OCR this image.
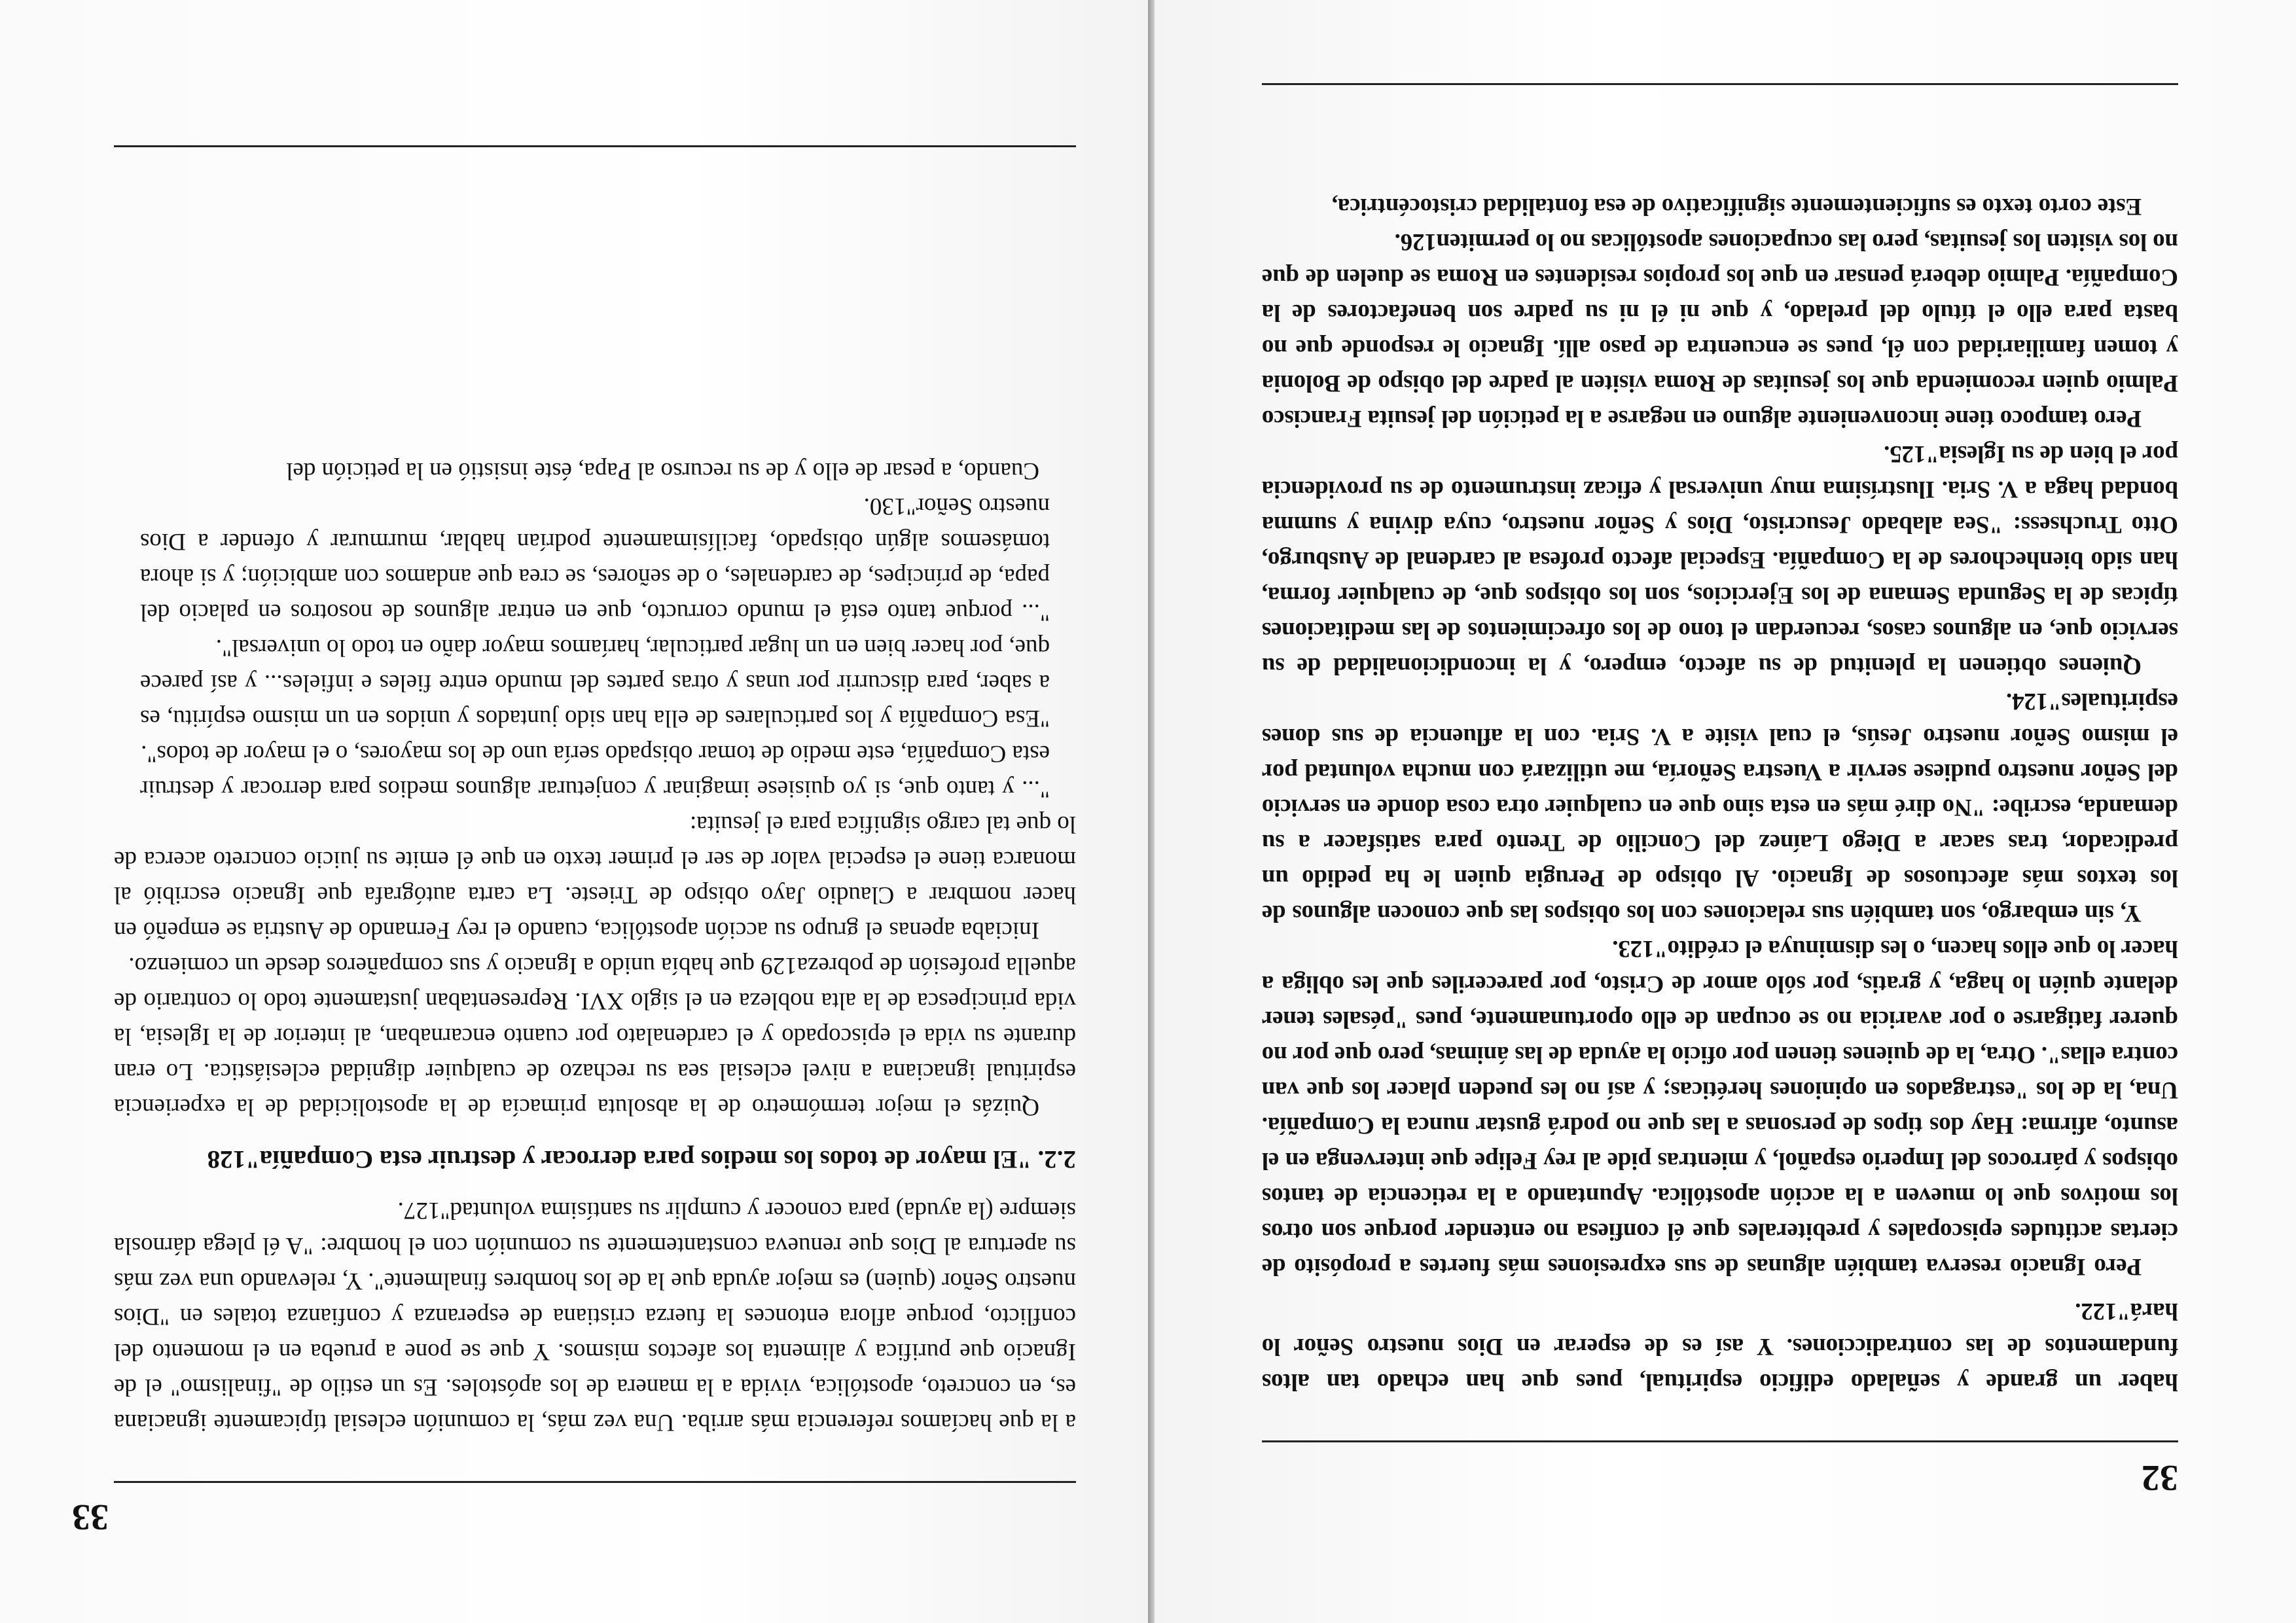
32

haber un grande y señalado edificio espiritual, pues que han echado tan altos fundamentos de las contradicciones. Y así es de esperar en Dios nuestro Señor lo hará"122.

Pero Ignacio reserva también algunas de sus expresiones más fuertes a propósito de ciertas actitudes episcopales y prebiterales que él confiesa no entender porque son otros los motivos que lo mueven a la acción apostólica. Apuntando a la reticencia de tantos obispos y párrocos del Imperio español, y mientras pide al rey Felipe que intervenga en el asunto, afirma: Hay dos tipos de personas a las que no podrá gustar nunca la Compañía. Una, la de los "estragados en opiniones heréticas; y así no les pueden placer los que van contra ellas". Otra, la de quienes tienen por oficio la ayuda de las ánimas, pero que por no querer fatigarse o por avaricia no se ocupan de ello oportunamente, pues "pésales tener delante quién lo haga, y gratis, por sólo amor de Cristo, por pareceriles que les obliga a hacer lo que ellos hacen, o les disminuya el crédito"123.

Y, sin embargo, son también sus relaciones con los obispos las que conocen algunos de los textos más afectuosos de Ignacio. Al obispo de Perugia quien le ha pedido un predicador, tras sacar a Diego Laínez del Concilio de Trento para satisfacer a su demanda, escribe: "No diré más en esta sino que en cualquier otra cosa donde en servicio del Señor nuestro pudiese servir a Vuestra Señoría, me utilizará con mucha voluntad por el mismo Señor nuestro Jesús, el cual visite a V. Sria. con la afluencia de sus dones espirituales"124.

Quienes obtienen la plenitud de su afecto, empero, y la incondicionalidad de su servicio que, en algunos casos, recuerdan el tono de los ofrecimientos de las meditaciones típicas de la Segunda Semana de los Ejercicios, son los obispos que, de cualquier forma, han sido bienhechores de la Compañía. Especial afecto profesa al cardenal de Ausburgo, Otto Truchsess: "Sea alabado Jesucristo, Dios y Señor nuestro, cuya divina y summa bondad haga a V. Sria. Ilustrísima muy universal y eficaz instrumento de su providencia por el bien de su Iglesia"125.

Pero tampoco tiene inconveniente alguno en negarse a la petición del jesuita Francisco Palmio quien recomienda que los jesuitas de Roma visiten al padre del obispo de Bolonia y tomen familiaridad con él, pues se encuentra de paso allí. Ignacio le responde que no basta para ello el título del prelado, y que ni él ni su padre son benefactores de la Compañía. Palmio deberá pensar en que los propios residentes en Roma se duelen de que no los visiten los jesuitas, pero las ocupaciones apostólicas no lo permiten126.

Este corto texto es suficientemente significativo de esa fontalidad cristocéntrica,

33

a la que hacíamos referencia más arriba. Una vez más, la comunión eclesial típicamente ignaciana es, en concreto, apostólica, vivida a la manera de los apóstoles. Es un estilo de "finalismo" el de Ignacio que purifica y alimenta los afectos mismos. Y que se pone a prueba en el momento del conflicto, porque aflora entonces la fuerza cristiana de esperanza y confianza totales en "Dios nuestro Señor (quien) es mejor ayuda que la de los hombres finalmente". Y, relevando una vez más su apertura al Dios que renueva constantemente su comunión con el hombre: "A él plega dárnosla siempre (la ayuda) para conocer y cumplir su santísima voluntad"127.

2.2. "El mayor de todos los medios para derrocar y destruir esta Compañía"128

Quizás el mejor termómetro de la absoluta primacía de la apostolicidad de la experiencia espiritual ignaciana a nivel eclesial sea su rechazo de cualquier dignidad eclesiástica. Lo eran durante su vida el episcopado y el cardenalato por cuanto encarnaban, al interior de la Iglesia, la vida principesca de la alta nobleza en el siglo XVI. Representaban justamente todo lo contrario de aquella profesión de pobreza129 que había unido a Ignacio y sus compañeros desde un comienzo.

Iniciaba apenas el grupo su acción apostólica, cuando el rey Fernando de Austria se empeñó en hacer nombrar a Claudio Jayo obispo de Trieste. La carta autógrafa que Ignacio escribió al monarca tiene el especial valor de ser el primer texto en que él emite su juicio concreto acerca de lo que tal cargo significa para el jesuita:

"... y tanto que, si yo quisiese imaginar y conjeturar algunos medios para derrocar y destruir esta Compañía, este medio de tomar obispado sería uno de los mayores, o el mayor de todos".

"Esa Compañía y los particulares de ella han sido juntados y unidos en un mismo espíritu, es a saber, para discurrir por unas y otras partes del mundo entre fieles e infieles... y así parece que, por hacer bien en un lugar particular, haríamos mayor daño en todo lo universal".

"... porque tanto está el mundo corructo, que en entrar algunos de nosotros en palacio del papa, de príncipes, de cardenales, o de señores, se crea que andamos con ambición; y si ahora tomásemos algún obispado, facilísimamente podrían hablar, murmurar y ofender a Dios nuestro Señor"130.

Cuando, a pesar de ello y de su recurso al Papa, éste insistió en la petición del
